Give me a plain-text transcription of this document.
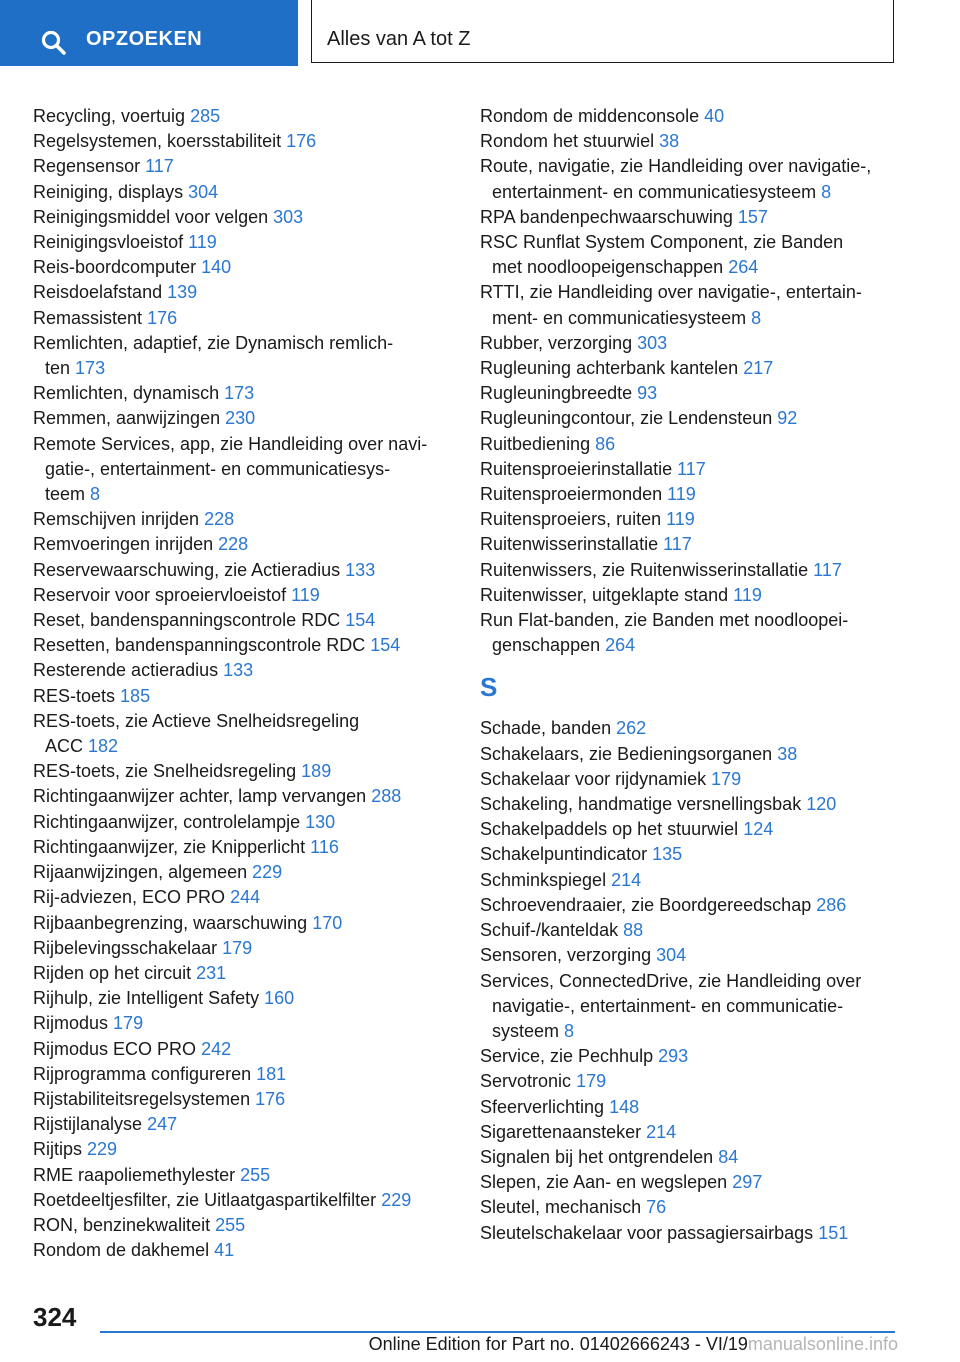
OPZOEKEN	Alles van A tot Z
Recycling, voertuig 285
Regelsystemen, koersstabiliteit 176
Regensensor 117
Reiniging, displays 304
Reinigingsmiddel voor velgen 303
Reinigingsvloeistof 119
Reis-boordcomputer 140
Reisdoelafstand 139
Remassistent 176
Remlichten, adaptief, zie Dynamisch remlich-
ten 173
Remlichten, dynamisch 173
Remmen, aanwijzingen 230
Remote Services, app, zie Handleiding over navi-
gatie-, entertainment- en communicatiesys-
teem 8
Remschijven inrijden 228
Remvoeringen inrijden 228
Reservewaarschuwing, zie Actieradius 133
Reservoir voor sproeiervloeistof 119
Reset, bandenspanningscontrole RDC 154
Resetten, bandenspanningscontrole RDC 154
Resterende actieradius 133
RES-toets 185
RES-toets, zie Actieve Snelheidsregeling
ACC 182
RES-toets, zie Snelheidsregeling 189
Richtingaanwijzer achter, lamp vervangen 288
Richtingaanwijzer, controlelampje 130
Richtingaanwijzer, zie Knipperlicht 116
Rijaanwijzingen, algemeen 229
Rij-adviezen, ECO PRO 244
Rijbaanbegrenzing, waarschuwing 170
Rijbelevingsschakelaar 179
Rijden op het circuit 231
Rijhulp, zie Intelligent Safety 160
Rijmodus 179
Rijmodus ECO PRO 242
Rijprogramma configureren 181
Rijstabiliteitsregelsystemen 176
Rijstijlanalyse 247
Rijtips 229
RME raapoliemethylester 255
Roetdeeltjesfilter, zie Uitlaatgaspartikelfilter 229
RON, benzinekwaliteit 255
Rondom de dakhemel 41
Rondom de middenconsole 40
Rondom het stuurwiel 38
Route, navigatie, zie Handleiding over navigatie-,
entertainment- en communicatiesysteem 8
RPA bandenpechwaarschuwing 157
RSC Runflat System Component, zie Banden
met noodloopeigenschappen 264
RTTI, zie Handleiding over navigatie-, entertain-
ment- en communicatiesysteem 8
Rubber, verzorging 303
Rugleuning achterbank kantelen 217
Rugleuningbreedte 93
Rugleuningcontour, zie Lendensteun 92
Ruitbediening 86
Ruitensproeierinstallatie 117
Ruitensproeiermonden 119
Ruitensproeiers, ruiten 119
Ruitenwisserinstallatie 117
Ruitenwissers, zie Ruitenwisserinstallatie 117
Ruitenwisser, uitgeklapte stand 119
Run Flat-banden, zie Banden met noodloopei-
genschappen 264
S
Schade, banden 262
Schakelaars, zie Bedieningsorganen 38
Schakelaar voor rijdynamiek 179
Schakeling, handmatige versnellingsbak 120
Schakelpaddels op het stuurwiel 124
Schakelpuntindicator 135
Schminkspiegel 214
Schroevendraaier, zie Boordgereedschap 286
Schuif-/kanteldak 88
Sensoren, verzorging 304
Services, ConnectedDrive, zie Handleiding over
navigatie-, entertainment- en communicatie-
systeem 8
Service, zie Pechhulp 293
Servotronic 179
Sfeerverlichting 148
Sigarettenaansteker 214
Signalen bij het ontgrendelen 84
Slepen, zie Aan- en wegslepen 297
Sleutel, mechanisch 76
Sleutelschakelaar voor passagiersairbags 151
324
Online Edition for Part no. 01402666243 - VI/19manualsonline.info
